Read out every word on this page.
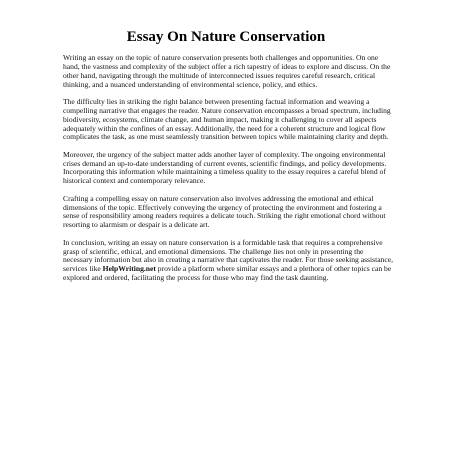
Essay On Nature Conservation

Writing an essay on the topic of nature conservation presents both challenges and opportunities. On one hand, the vastness and complexity of the subject offer a rich tapestry of ideas to explore and discuss. On the other hand, navigating through the multitude of interconnected issues requires careful research, critical thinking, and a nuanced understanding of environmental science, policy, and ethics.

The difficulty lies in striking the right balance between presenting factual information and weaving a compelling narrative that engages the reader. Nature conservation encompasses a broad spectrum, including biodiversity, ecosystems, climate change, and human impact, making it challenging to cover all aspects adequately within the confines of an essay. Additionally, the need for a coherent structure and logical flow complicates the task, as one must seamlessly transition between topics while maintaining clarity and depth.

Moreover, the urgency of the subject matter adds another layer of complexity. The ongoing environmental crises demand an up-to-date understanding of current events, scientific findings, and policy developments. Incorporating this information while maintaining a timeless quality to the essay requires a careful blend of historical context and contemporary relevance.

Crafting a compelling essay on nature conservation also involves addressing the emotional and ethical dimensions of the topic. Effectively conveying the urgency of protecting the environment and fostering a sense of responsibility among readers requires a delicate touch. Striking the right emotional chord without resorting to alarmism or despair is a delicate art.

In conclusion, writing an essay on nature conservation is a formidable task that requires a comprehensive grasp of scientific, ethical, and emotional dimensions. The challenge lies not only in presenting the necessary information but also in creating a narrative that captivates the reader. For those seeking assistance, services like HelpWriting.net provide a platform where similar essays and a plethora of other topics can be explored and ordered, facilitating the process for those who may find the task daunting.
